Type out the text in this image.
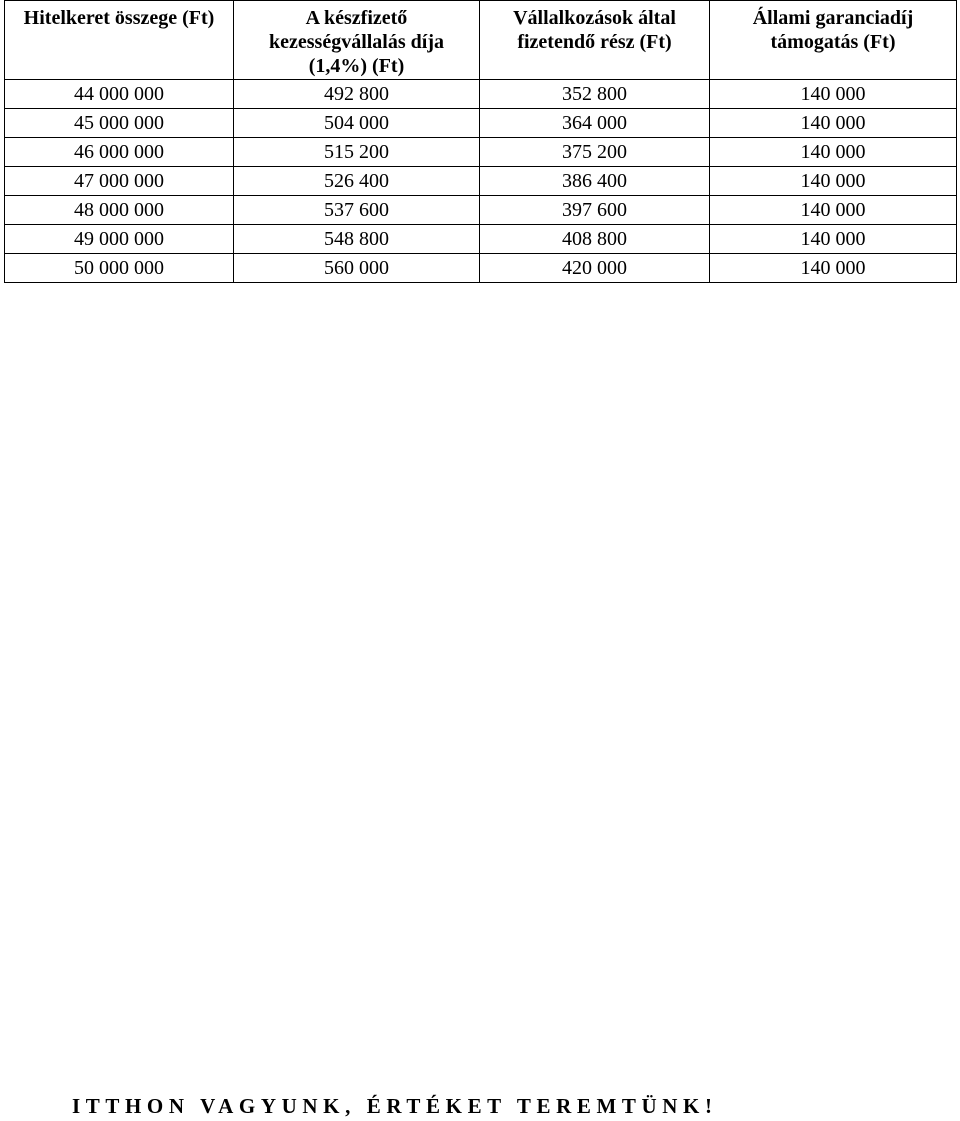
Hitelkeret összege (Ft)	A készfizető kezességvállalás díja (1,4%) (Ft)	Vállalkozások által fizetendő rész (Ft)	Állami garanciadíj támogatás (Ft)
44 000 000	492 800	352 800	140 000
45 000 000	504 000	364 000	140 000
46 000 000	515 200	375 200	140 000
47 000 000	526 400	386 400	140 000
48 000 000	537 600	397 600	140 000
49 000 000	548 800	408 800	140 000
50 000 000	560 000	420 000	140 000
ITTHON VAGYUNK, ÉRTÉKET TEREMTÜNK!
